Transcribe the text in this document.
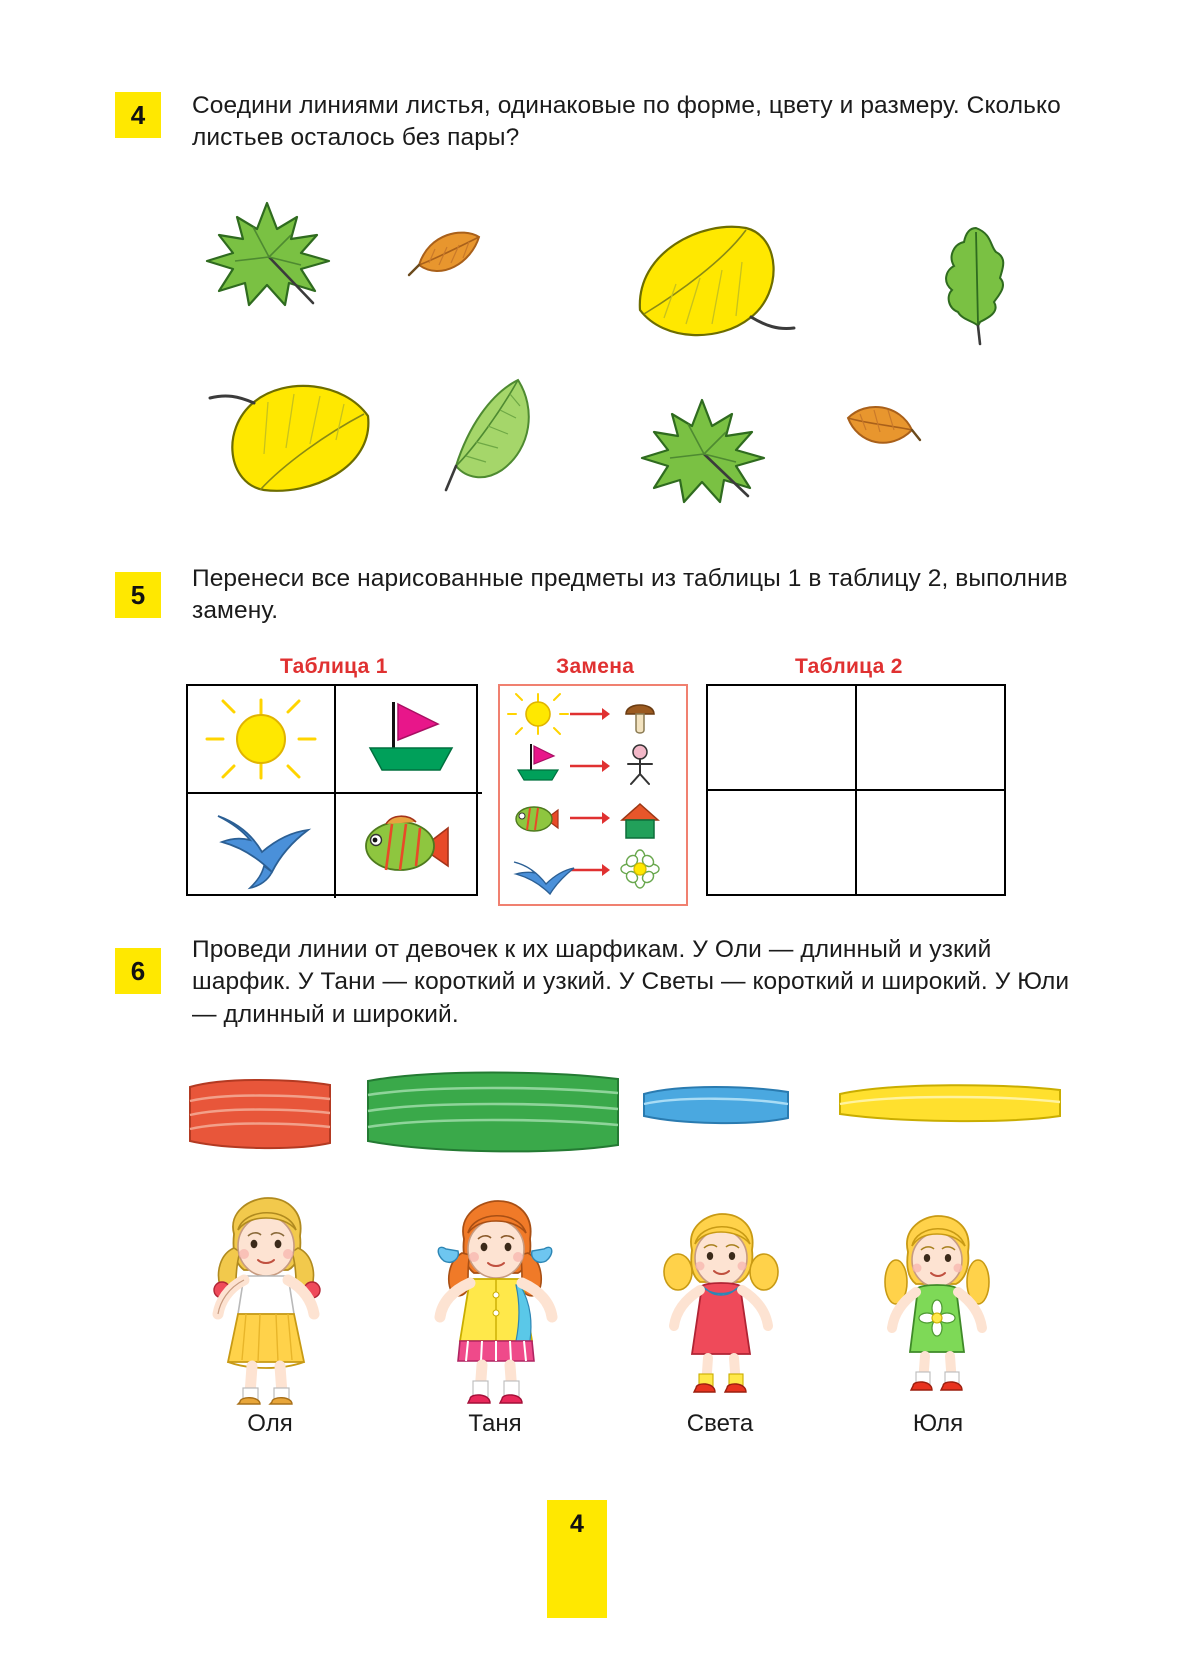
4	Соедини линиями листья, одинаковые по форме, цвету и размеру. Сколько листьев осталось без пары?
5
Перенеси все нарисованные предметы из таблицы 1 в таблицу 2, выполнив замену.
Таблица 1	Замена	Таблица 2
6
Проведи линии от девочек к их шарфикам. У Оли — длинный и узкий шарфик. У Тани — короткий и узкий. У Светы — короткий и широкий. У Юли — длинный и широкий.
Оля	Таня	Света	Юля
4
